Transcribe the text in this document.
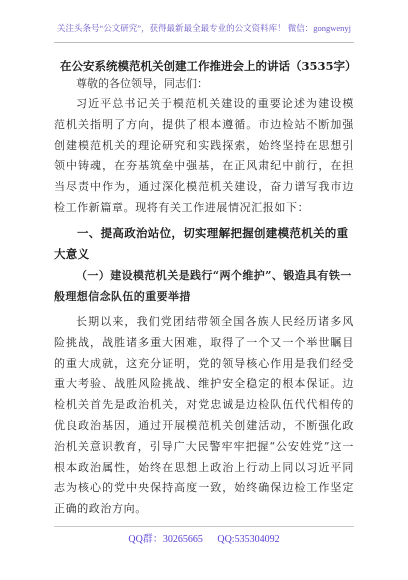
关注头条号“公文研究”，获得最新最全最专业的公文资料库！ 微信：gongwenyj
在公安系统模范机关创建工作推进会上的讲话（3535字）
尊敬的各位领导，同志们：

习近平总书记关于模范机关建设的重要论述为建设模范机关指明了方向，提供了根本遵循。市边检站不断加强创建模范机关的理论研究和实践探索，始终坚持在思想引领中铸魂，在夯基筑垒中强基，在正风肃纪中前行，在担当尽责中作为，通过深化模范机关建设，奋力谱写我市边检工作新篇章。现将有关工作进展情况汇报如下：

一、提高政治站位，切实理解把握创建模范机关的重大意义
（一）建设模范机关是践行“两个维护”、锻造具有铁一般理想信念队伍的重要举措

长期以来，我们党团结带领全国各族人民经历诸多风险挑战，战胜诸多重大困难，取得了一个又一个举世瞩目的重大成就，这充分证明，党的领导核心作用是我们经受重大考验、战胜风险挑战、维护安全稳定的根本保证。边检机关首先是政治机关，对党忠诚是边检队伍代代相传的优良政治基因，通过开展模范机关创建活动，不断强化政治机关意识教育，引导广大民警牢牢把握“公安姓党”这一根本政治属性，始终在思想上政治上行动上同以习近平同志为核心的党中央保持高度一致，始终确保边检工作坚定正确的政治方向。

QQ群：30265665 QQ:535304092
